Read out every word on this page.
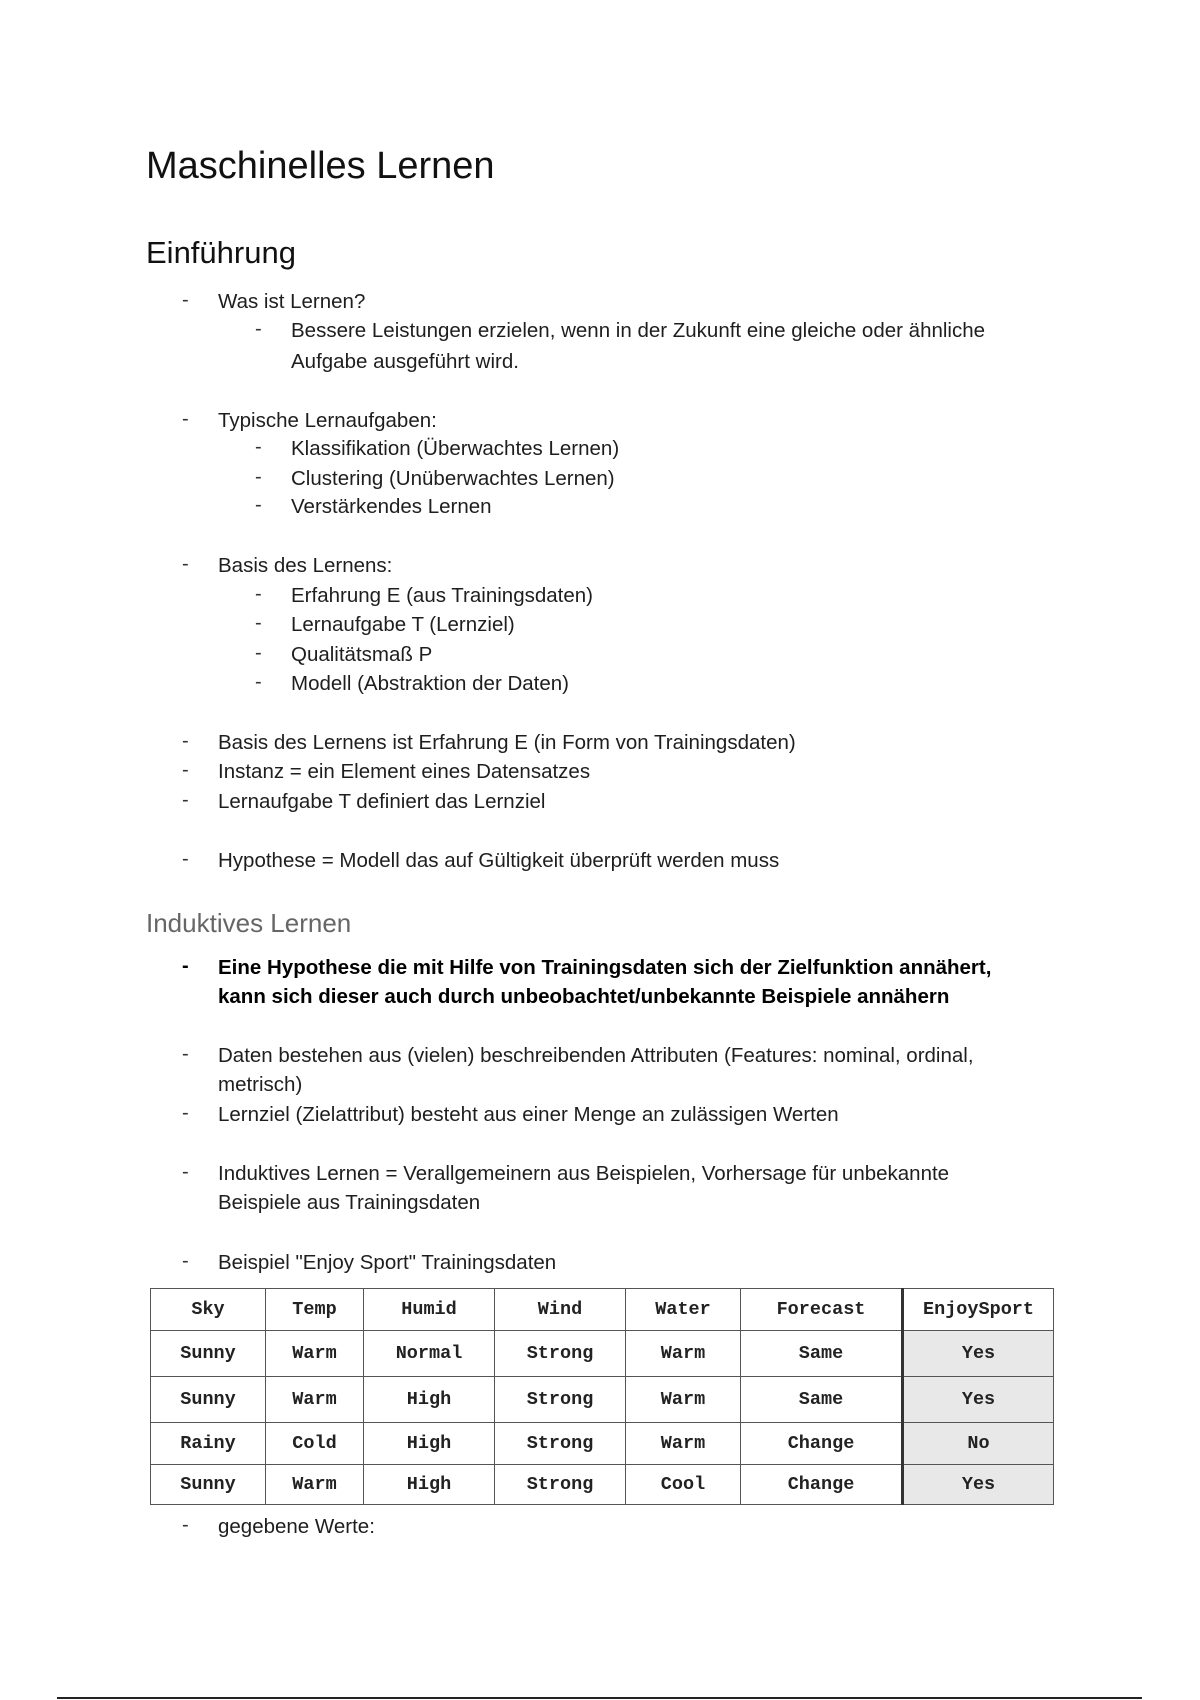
Maschinelles Lernen
Einführung
- Was ist Lernen?

- Bessere Leistungen erzielen, wenn in der Zukunft eine gleiche oder ähnliche

Aufgabe ausgeführt wird.

- Typische Lernaufgaben:

- Klassifikation (Überwachtes Lernen)

- Clustering (Unüberwachtes Lernen)

- Verstärkendes Lernen

- Basis des Lernens:

- Erfahrung E (aus Trainingsdaten)

- Lernaufgabe T (Lernziel)

- Qualitätsmaß P

- Modell (Abstraktion der Daten)

- Basis des Lernens ist Erfahrung E (in Form von Trainingsdaten)

- Instanz = ein Element eines Datensatzes

- Lernaufgabe T definiert das Lernziel

- Hypothese = Modell das auf Gültigkeit überprüft werden muss

Induktives Lernen
- Eine Hypothese die mit Hilfe von Trainingsdaten sich der Zielfunktion annähert,

kann sich dieser auch durch unbeobachtet/unbekannte Beispiele annähern

- Daten bestehen aus (vielen) beschreibenden Attributen (Features: nominal, ordinal,

metrisch)

- Lernziel (Zielattribut) besteht aus einer Menge an zulässigen Werten

- Induktives Lernen = Verallgemeinern aus Beispielen, Vorhersage für unbekannte

Beispiele aus Trainingsdaten

- Beispiel "Enjoy Sport" Trainingsdaten

Sky	Temp	Humid	Wind	Water	Forecast	EnjoySport
Sunny	Warm	Normal	Strong	Warm	Same	Yes
Sunny	Warm	High	Strong	Warm	Same	Yes
Rainy	Cold	High	Strong	Warm	Change	No
Sunny	Warm	High	Strong	Cool	Change	Yes
- gegebene Werte:
